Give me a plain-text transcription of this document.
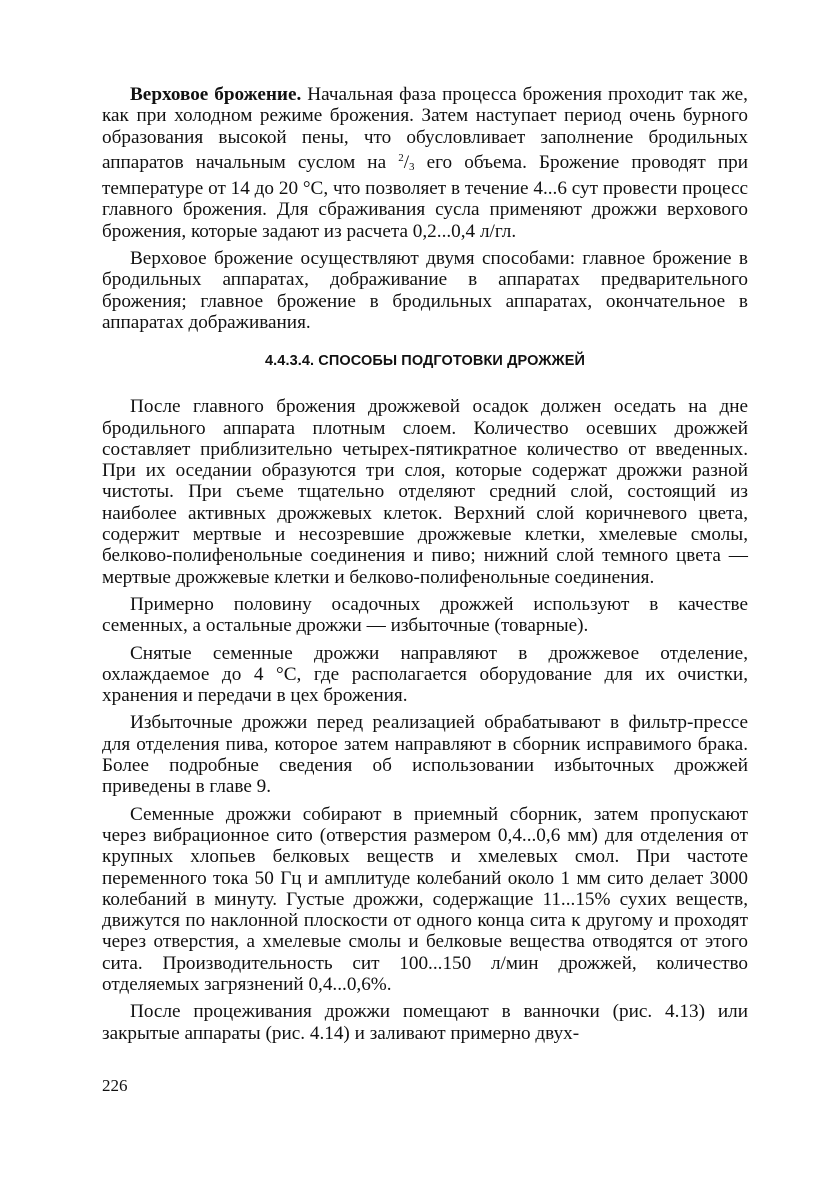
Верховое брожение. Начальная фаза процесса брожения проходит так же, как при холодном режиме брожения. Затем наступает период очень бурного образования высокой пены, что обусловливает заполнение бродильных аппаратов начальным суслом на $^2$/3 его объема. Брожение проводят при температуре от 14 до 20 °С, что позволяет в течение 4...6 сут провести процесс главного брожения. Для сбраживания сусла применяют дрожжи верхового брожения, которые задают из расчета 0,2...0,4 л/гл.

Верховое брожение осуществляют двумя способами: главное брожение в бродильных аппаратах, дображивание в аппаратах предварительного брожения; главное брожение в бродильных аппаратах, окончательное в аппаратах дображивания.

4.4.3.4. СПОСОБЫ ПОДГОТОВКИ ДРОЖЖЕЙ

После главного брожения дрожжевой осадок должен оседать на дне бродильного аппарата плотным слоем. Количество осевших дрожжей составляет приблизительно четырех-пятикратное количество от введенных. При их оседании образуются три слоя, которые содержат дрожжи разной чистоты. При съеме тщательно отделяют средний слой, состоящий из наиболее активных дрожжевых клеток. Верхний слой коричневого цвета, содержит мертвые и несозревшие дрожжевые клетки, хмелевые смолы, белково-полифенольные соединения и пиво; нижний слой темного цвета — мертвые дрожжевые клетки и белково-полифенольные соединения.

Примерно половину осадочных дрожжей используют в качестве семенных, а остальные дрожжи — избыточные (товарные).

Снятые семенные дрожжи направляют в дрожжевое отделение, охлаждаемое до 4 °С, где располагается оборудование для их очистки, хранения и передачи в цех брожения.

Избыточные дрожжи перед реализацией обрабатывают в фильтр-прессе для отделения пива, которое затем направляют в сборник исправимого брака. Более подробные сведения об использовании избыточных дрожжей приведены в главе 9.

Семенные дрожжи собирают в приемный сборник, затем пропускают через вибрационное сито (отверстия размером 0,4...0,6 мм) для отделения от крупных хлопьев белковых веществ и хмелевых смол. При частоте переменного тока 50 Гц и амплитуде колебаний около 1 мм сито делает 3000 колебаний в минуту. Густые дрожжи, содержащие 11...15% сухих веществ, движутся по наклонной плоскости от одного конца сита к другому и проходят через отверстия, а хмелевые смолы и белковые вещества отводятся от этого сита. Производительность сит 100...150 л/мин дрожжей, количество отделяемых загрязнений 0,4...0,6%.

После процеживания дрожжи помещают в ванночки (рис. 4.13) или закрытые аппараты (рис. 4.14) и заливают примерно двух-

226
